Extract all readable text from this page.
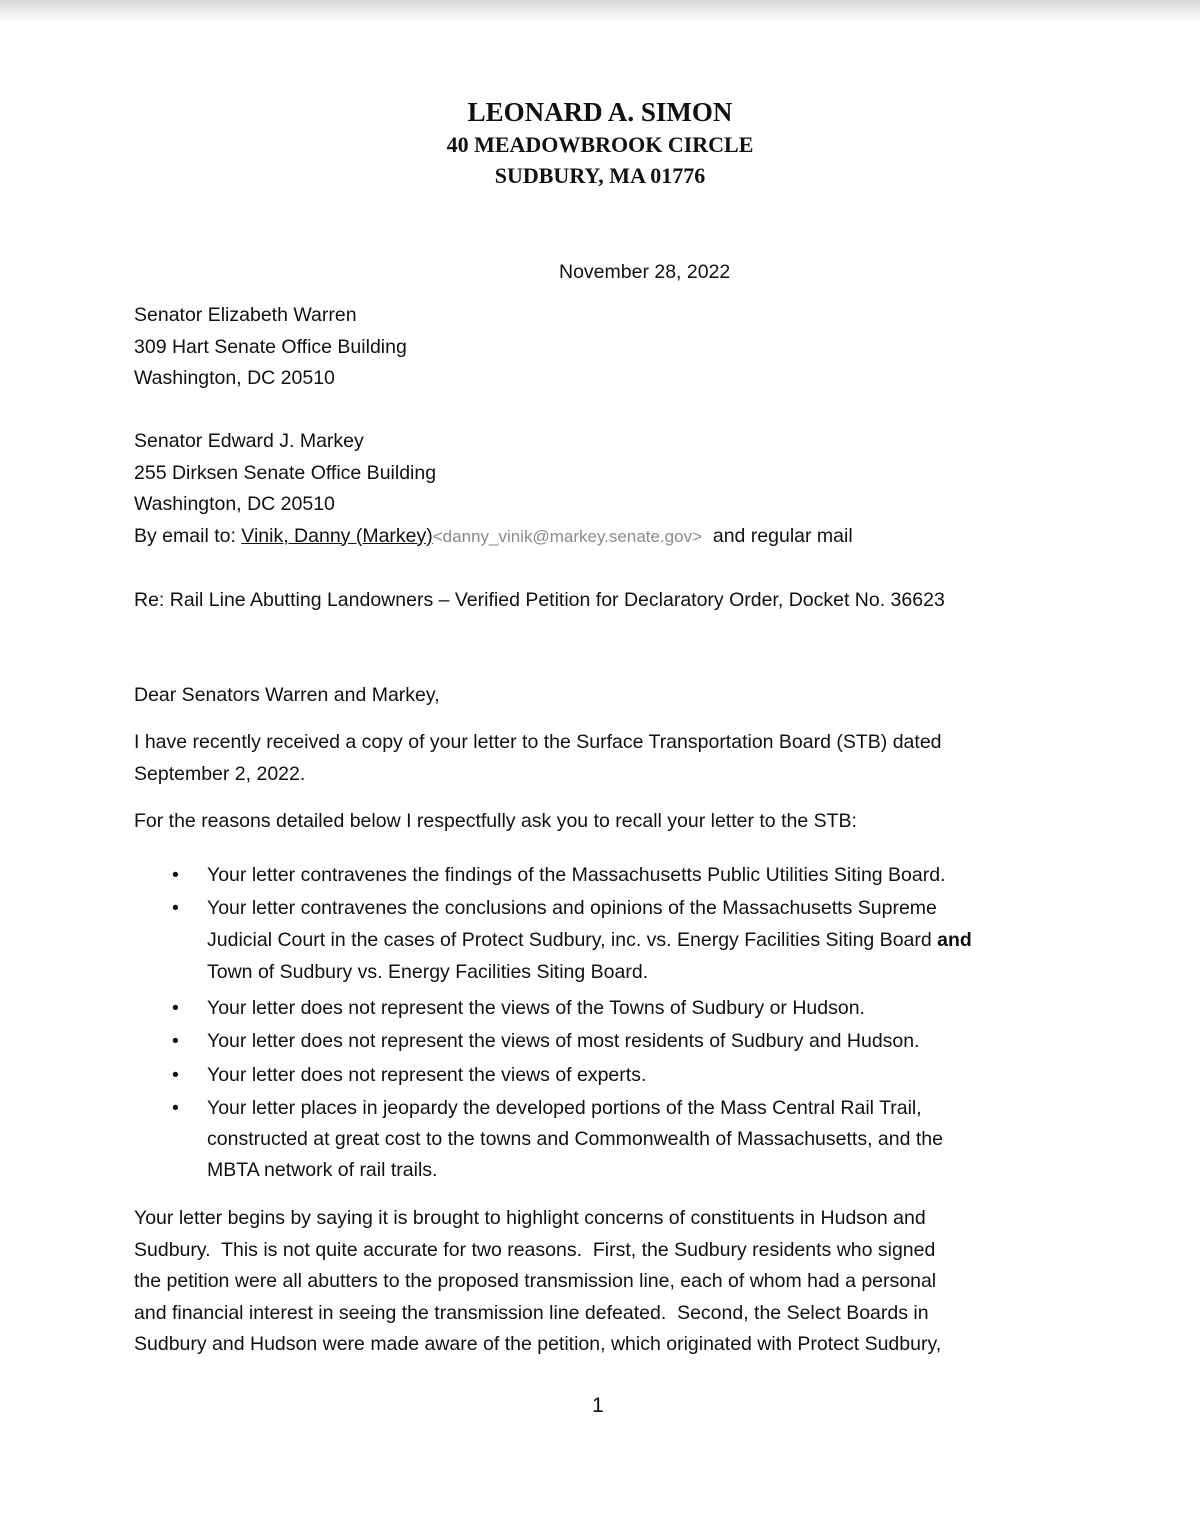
LEONARD A. SIMON
40 MEADOWBROOK CIRCLE
SUDBURY, MA 01776
November 28, 2022
Senator Elizabeth Warren
309 Hart Senate Office Building
Washington, DC 20510
Senator Edward J. Markey
255 Dirksen Senate Office Building
Washington, DC 20510
By email to: Vinik, Danny (Markey)<danny_vinik@markey.senate.gov>  and regular mail
Re: Rail Line Abutting Landowners – Verified Petition for Declaratory Order, Docket No. 36623
Dear Senators Warren and Markey,
I have recently received a copy of your letter to the Surface Transportation Board (STB) dated
September 2, 2022.
For the reasons detailed below I respectfully ask you to recall your letter to the STB:
• Your letter contravenes the findings of the Massachusetts Public Utilities Siting Board.
• Your letter contravenes the conclusions and opinions of the Massachusetts Supreme
Judicial Court in the cases of Protect Sudbury, inc. vs. Energy Facilities Siting Board and
Town of Sudbury vs. Energy Facilities Siting Board.
• Your letter does not represent the views of the Towns of Sudbury or Hudson.
• Your letter does not represent the views of most residents of Sudbury and Hudson.
• Your letter does not represent the views of experts.
• Your letter places in jeopardy the developed portions of the Mass Central Rail Trail,
constructed at great cost to the towns and Commonwealth of Massachusetts, and the
MBTA network of rail trails.
Your letter begins by saying it is brought to highlight concerns of constituents in Hudson and
Sudbury.  This is not quite accurate for two reasons.  First, the Sudbury residents who signed
the petition were all abutters to the proposed transmission line, each of whom had a personal
and financial interest in seeing the transmission line defeated.  Second, the Select Boards in
Sudbury and Hudson were made aware of the petition, which originated with Protect Sudbury,
1
